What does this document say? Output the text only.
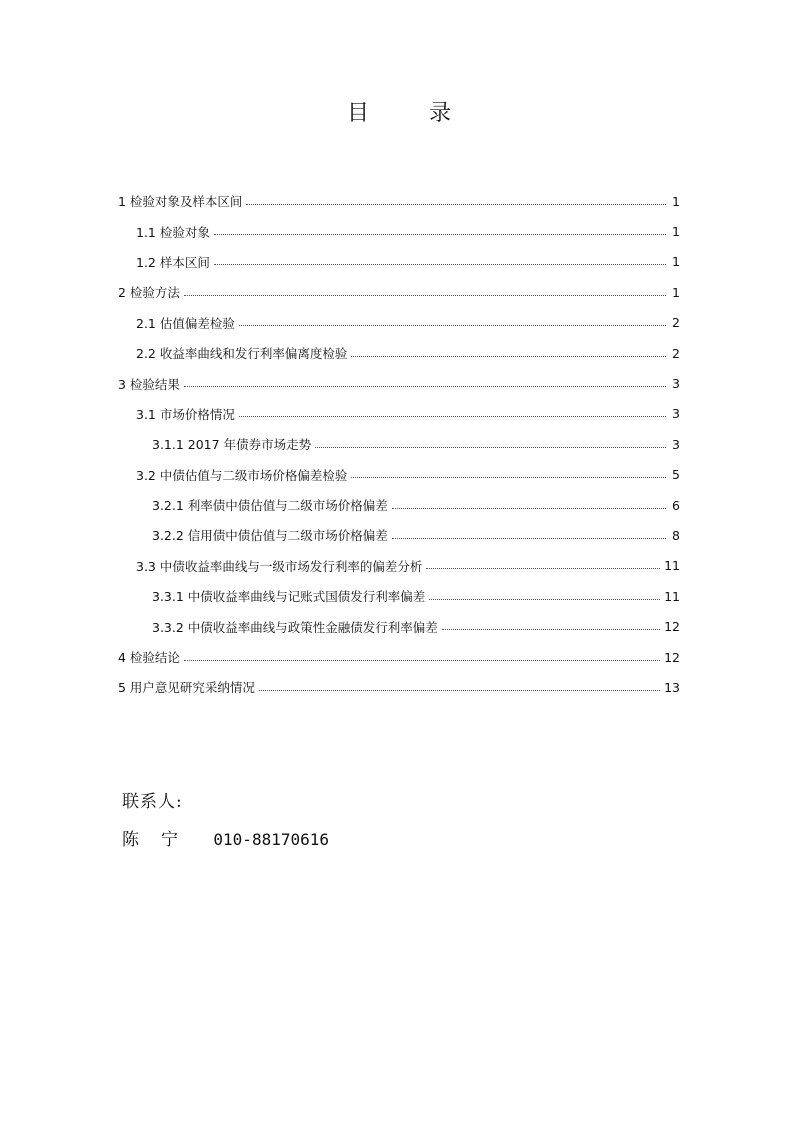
目	录
1 检验对象及样本区间	1
1.1 检验对象	1
1.2 样本区间	1
2 检验方法	1
2.1 估值偏差检验	2
2.2 收益率曲线和发行利率偏离度检验	2
3 检验结果	3
3.1 市场价格情况	3
3.1.1 2017 年债券市场走势	3
3.2 中债估值与二级市场价格偏差检验	5
3.2.1 利率债中债估值与二级市场价格偏差	6
3.2.2 信用债中债估值与二级市场价格偏差	8
3.3 中债收益率曲线与一级市场发行利率的偏差分析	11
3.3.1 中债收益率曲线与记账式国债发行利率偏差	11
3.3.2 中债收益率曲线与政策性金融债发行利率偏差	12
4 检验结论	12
5 用户意见研究采纳情况	13
联系人:
陈宁 010-88170616
